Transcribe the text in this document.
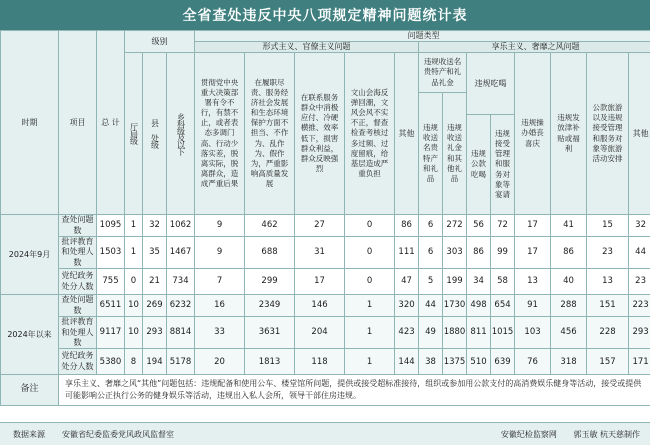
全省查处违反中央八项规定精神问题统计表
时期	项目	总 计	级别			问题类型												
						形式主义、官僚主义问题					享乐主义、奢靡之风问题							
			厅局级	县 处级	乡科级及以下	贯彻党中央重大决策部署有令不行，有禁不止，或者表态多调门高、行动少落实差，脱离实际，脱离群众，造成严重后果	在履职尽责、服务经济社会发展和生态环境保护方面不担当、不作为、乱作为、假作为，严重影响高质量发展	在联系服务群众中消极应付、冷硬横推、效率低下，损害群众利益，群众反映强烈	文山会海反弹回潮，文风会风不实不正，督查检查考核过多过频、过度留痕，给基层造成严重负担	其他	违规收送名贵特产和礼品礼金		违规吃喝		违规操办婚丧喜庆	违规发放津补贴或福利	公款旅游以及违规接受管理和服务对象等旅游活动安排	其他
											违规收送名贵特产和礼品	违规收送礼金和其他礼品						
													违规公款吃喝	违规接受管理和服务对象等宴请				
2024年9月	查处问题数	1095	1	32	1062	9	462	27	0	86	6	272	56	72	17	41	15	32
	批评教育和处理人数	1503	1	35	1467	9	688	31	0	111	6	303	86	99	17	86	23	44
	党纪政务处分人数	755	0	21	734	7	299	17	0	47	5	199	34	58	13	40	13	23
2024年以来	查处问题数	6511	10	269	6232	16	2349	146	1	320	44	1730	498	654	91	288	151	223
	批评教育和处理人数	9117	10	293	8814	33	3631	204	1	423	49	1880	811	1015	103	456	228	293
	党纪政务处分人数	5380	8	194	5178	20	1813	118	1	144	38	1375	510	639	76	318	157	171
备注	享乐主义、奢靡之风“其他”问题包括：违规配备和使用公车、楼堂馆所问题，提供或接受超标准接待，组织或参加用公款支付的高消费娱乐健身等活动，接受或提供可能影响公正执行公务的健身娱乐等活动，违规出入私人会所，领导干部住房违规。																	
数据来源	安徽省纪委监委党风政风监督室	安徽纪检监察网 郭玉敏 杭天慈制作
